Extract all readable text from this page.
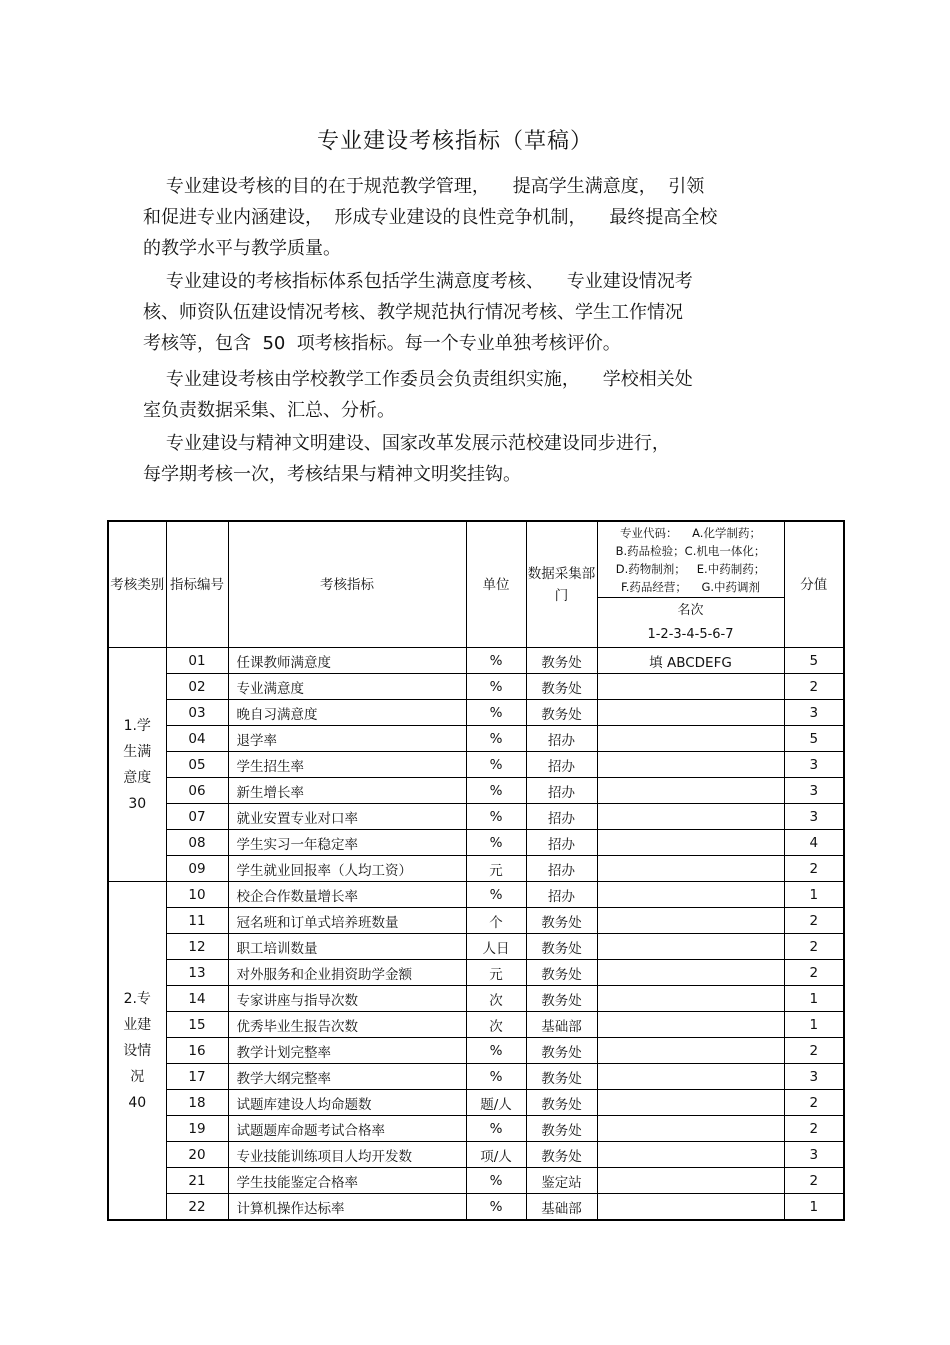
专业建设考核指标（草稿）

专业建设考核的目的在于规范教学管理，    提高学生满意度，  引领
和促进专业内涵建设，  形成专业建设的良性竞争机制，    最终提高全校
的教学水平与教学质量。

专业建设的考核指标体系包括学生满意度考核、    专业建设情况考
核、师资队伍建设情况考核、教学规范执行情况考核、学生工作情况
考核等，包含  50  项考核指标。每一个专业单独考核评价。

专业建设考核由学校教学工作委员会负责组织实施，    学校相关处
室负责数据采集、汇总、分析。

专业建设与精神文明建设、国家改革发展示范校建设同步进行，
每学期考核一次，考核结果与精神文明奖挂钩。

考核类别	指标编号	考核指标	单位	数据采集部门	专业代码：    A.化学制药；
B.药品检验；C.机电一体化；
D.药物制剂；   E.中药制药；
F.药品经营；    G.中药调剂	分值

					名次
1-2-3-4-5-6-7	

1.学
生满
意度
30	01	任课教师满意度	%	教务处	填 ABCDEFG	5
	02	专业满意度	%	教务处		2
	03	晚自习满意度	%	教务处		3
	04	退学率	%	招办		5
	05	学生招生率	%	招办		3
	06	新生增长率	%	招办		3
	07	就业安置专业对口率	%	招办		3
	08	学生实习一年稳定率	%	招办		4
	09	学生就业回报率（人均工资）	元	招办		2

2.专
业建
设情
况
40	10	校企合作数量增长率	%	招办		1
	11	冠名班和订单式培养班数量	个	教务处		2
	12	职工培训数量	人日	教务处		2
	13	对外服务和企业捐资助学金额	元	教务处		2
	14	专家讲座与指导次数	次	教务处		1
	15	优秀毕业生报告次数	次	基础部		1
	16	教学计划完整率	%	教务处		2
	17	教学大纲完整率	%	教务处		3
	18	试题库建设人均命题数	题/人	教务处		2
	19	试题题库命题考试合格率	%	教务处		2
	20	专业技能训练项目人均开发数	项/人	教务处		3
	21	学生技能鉴定合格率	%	鉴定站		2
	22	计算机操作达标率	%	基础部		1
